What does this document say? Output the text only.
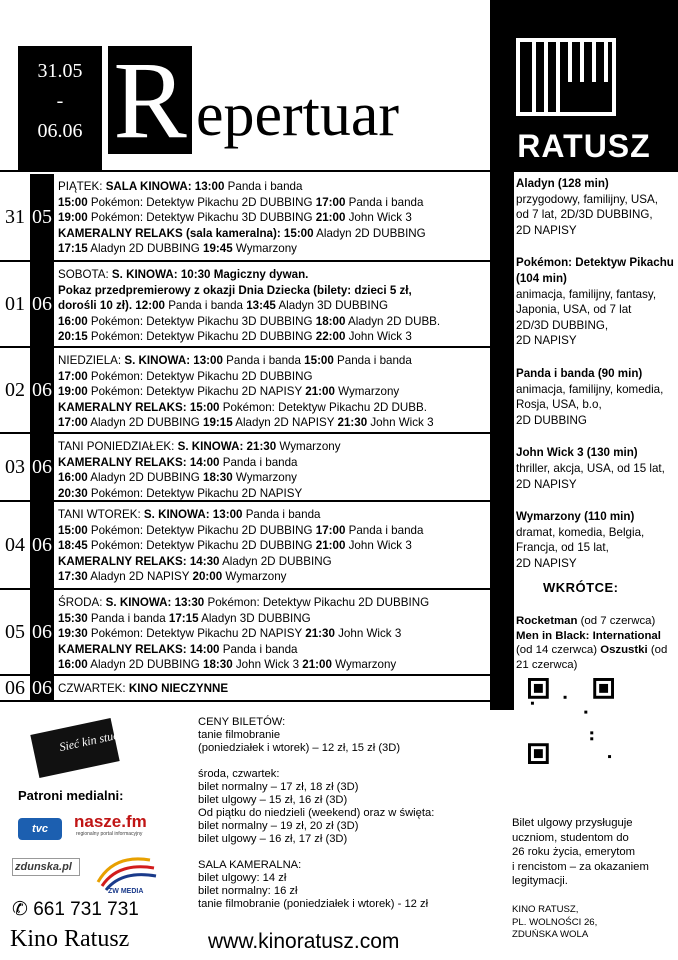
31.05
-
06.06 R epertuar	RATUSZ
31 05
PIĄTEK: SALA KINOWA: 13:00 Panda i banda
15:00 Pokémon: Detektyw Pikachu 2D DUBBING 17:00 Panda i banda
19:00 Pokémon: Detektyw Pikachu 3D DUBBING 21:00 John Wick 3
KAMERALNY RELAKS (sala kameralna): 15:00 Aladyn 2D DUBBING
17:15 Aladyn 2D DUBBING 19:45 Wymarzony
01 06
SOBOTA: S. KINOWA: 10:30 Magiczny dywan.
Pokaz przedpremierowy z okazji Dnia Dziecka (bilety: dzieci 5 zł,
dorośli 10 zł). 12:00 Panda i banda 13:45 Aladyn 3D DUBBING
16:00 Pokémon: Detektyw Pikachu 3D DUBBING 18:00 Aladyn 2D DUBB.
20:15 Pokémon: Detektyw Pikachu 2D DUBBING 22:00 John Wick 3
02 06
NIEDZIELA: S. KINOWA: 13:00 Panda i banda 15:00 Panda i banda
17:00 Pokémon: Detektyw Pikachu 2D DUBBING
19:00 Pokémon: Detektyw Pikachu 2D NAPISY 21:00 Wymarzony
KAMERALNY RELAKS: 15:00 Pokémon: Detektyw Pikachu 2D DUBB.
17:00 Aladyn 2D DUBBING 19:15 Aladyn 2D NAPISY 21:30 John Wick 3
03 06
TANI PONIEDZIAŁEK: S. KINOWA: 21:30 Wymarzony
KAMERALNY RELAKS: 14:00 Panda i banda
16:00 Aladyn 2D DUBBING 18:30 Wymarzony
20:30 Pokémon: Detektyw Pikachu 2D NAPISY
04 06
TANI WTOREK: S. KINOWA: 13:00 Panda i banda
15:00 Pokémon: Detektyw Pikachu 2D DUBBING 17:00 Panda i banda
18:45 Pokémon: Detektyw Pikachu 2D DUBBING 21:00 John Wick 3
KAMERALNY RELAKS: 14:30 Aladyn 2D DUBBING
17:30 Aladyn 2D NAPISY 20:00 Wymarzony
05 06
ŚRODA: S. KINOWA: 13:30 Pokémon: Detektyw Pikachu 2D DUBBING
15:30 Panda i banda 17:15 Aladyn 3D DUBBING
19:30 Pokémon: Detektyw Pikachu 2D NAPISY 21:30 John Wick 3
KAMERALNY RELAKS: 14:00 Panda i banda
16:00 Aladyn 2D DUBBING 18:30 John Wick 3 21:00 Wymarzony
06 06 CZWARTEK: KINO NIECZYNNE
Aladyn (128 min)
przygodowy, familijny, USA,
od 7 lat, 2D/3D DUBBING,
2D NAPISY
Pokémon: Detektyw Pikachu (104 min)
animacja, familijny, fantasy,
Japonia, USA, od 7 lat
2D/3D DUBBING,
2D NAPISY
Panda i banda (90 min)
animacja, familijny, komedia,
Rosja, USA, b.o,
2D DUBBING
John Wick 3 (130 min)
thriller, akcja, USA, od 15 lat,
2D NAPISY
Wymarzony (110 min)
dramat, komedia, Belgia,
Francja, od 15 lat,
2D NAPISY
WKRÓTCE:
Rocketman (od 7 czerwca) Men in Black: International (od 14 czerwca) Oszustki (od 21 czerwca)
Sieć kin studyjnych i lokalnych
Patroni medialni:
tvc	nasze.fm
regionalny portal informacyjny
zdunska.pl
ZW MEDIA
✆ 661 731 731
Kino Ratusz
CENY BILETÓW:
tanie filmobranie
(poniedziałek i wtorek) – 12 zł, 15 zł (3D)
środa, czwartek:
bilet normalny – 17 zł, 18 zł (3D)
bilet ulgowy – 15 zł, 16 zł (3D)
Od piątku do niedzieli (weekend) oraz w święta:
bilet normalny – 19 zł, 20 zł (3D)
bilet ulgowy – 16 zł, 17 zł (3D)
SALA KAMERALNA:
bilet ulgowy: 14 zł
bilet normalny: 16 zł
tanie filmobranie (poniedziałek i wtorek) - 12 zł
www.kinoratusz.com
Bilet ulgowy przysługuje
uczniom, studentom do
26 roku życia, emerytom
i rencistom – za okazaniem
legitymacji.
KINO RATUSZ,
PL. WOLNOŚCI 26,
ZDUŃSKA WOLA
